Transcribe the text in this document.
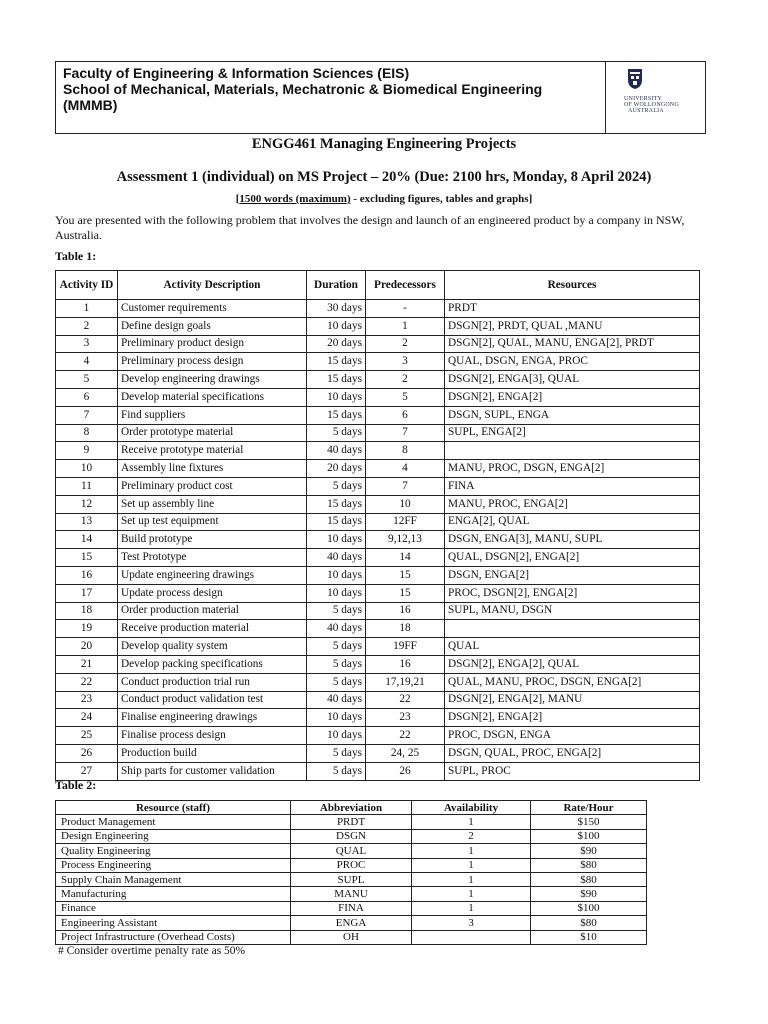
Faculty of Engineering & Information Sciences (EIS)
School of Mechanical, Materials, Mechatronic & Biomedical Engineering
(MMMB)	UNIVERSITY
OF WOLLONGONG
AUSTRALIA
ENGG461 Managing Engineering Projects
Assessment 1 (individual) on MS Project – 20% (Due: 2100 hrs, Monday, 8 April 2024)
[1500 words (maximum) - excluding figures, tables and graphs]
You are presented with the following problem that involves the design and launch of an engineered product by a company in NSW, Australia.
Table 1:
Activity ID	Activity Description	Duration	Predecessors	Resources
1	Customer requirements	30 days	-	PRDT
2	Define design goals	10 days	1	DSGN[2], PRDT, QUAL ,MANU
3	Preliminary product design	20 days	2	DSGN[2], QUAL, MANU, ENGA[2], PRDT
4	Preliminary process design	15 days	3	QUAL, DSGN, ENGA, PROC
5	Develop engineering drawings	15 days	2	DSGN[2], ENGA[3], QUAL
6	Develop material specifications	10 days	5	DSGN[2], ENGA[2]
7	Find suppliers	15 days	6	DSGN, SUPL, ENGA
8	Order prototype material	5 days	7	SUPL, ENGA[2]
9	Receive prototype material	40 days	8	
10	Assembly line fixtures	20 days	4	MANU, PROC, DSGN, ENGA[2]
11	Preliminary product cost	5 days	7	FINA
12	Set up assembly line	15 days	10	MANU, PROC, ENGA[2]
13	Set up test equipment	15 days	12FF	ENGA[2], QUAL
14	Build prototype	10 days	9,12,13	DSGN, ENGA[3], MANU, SUPL
15	Test Prototype	40 days	14	QUAL, DSGN[2], ENGA[2]
16	Update engineering drawings	10 days	15	DSGN, ENGA[2]
17	Update process design	10 days	15	PROC, DSGN[2], ENGA[2]
18	Order production material	5 days	16	SUPL, MANU, DSGN
19	Receive production material	40 days	18	
20	Develop quality system	5 days	19FF	QUAL
21	Develop packing specifications	5 days	16	DSGN[2], ENGA[2], QUAL
22	Conduct production trial run	5 days	17,19,21	QUAL, MANU, PROC, DSGN, ENGA[2]
23	Conduct product validation test	40 days	22	DSGN[2], ENGA[2], MANU
24	Finalise engineering drawings	10 days	23	DSGN[2], ENGA[2]
25	Finalise process design	10 days	22	PROC, DSGN, ENGA
26	Production build	5 days	24, 25	DSGN, QUAL, PROC, ENGA[2]
27	Ship parts for customer validation	5 days	26	SUPL, PROC
Table 2:
Resource (staff)	Abbreviation	Availability	Rate/Hour
Product Management	PRDT	1	$150
Design Engineering	DSGN	2	$100
Quality Engineering	QUAL	1	$90
Process Engineering	PROC	1	$80
Supply Chain Management	SUPL	1	$80
Manufacturing	MANU	1	$90
Finance	FINA	1	$100
Engineering Assistant	ENGA	3	$80
Project Infrastructure (Overhead Costs)	OH		$10
# Consider overtime penalty rate as 50%
